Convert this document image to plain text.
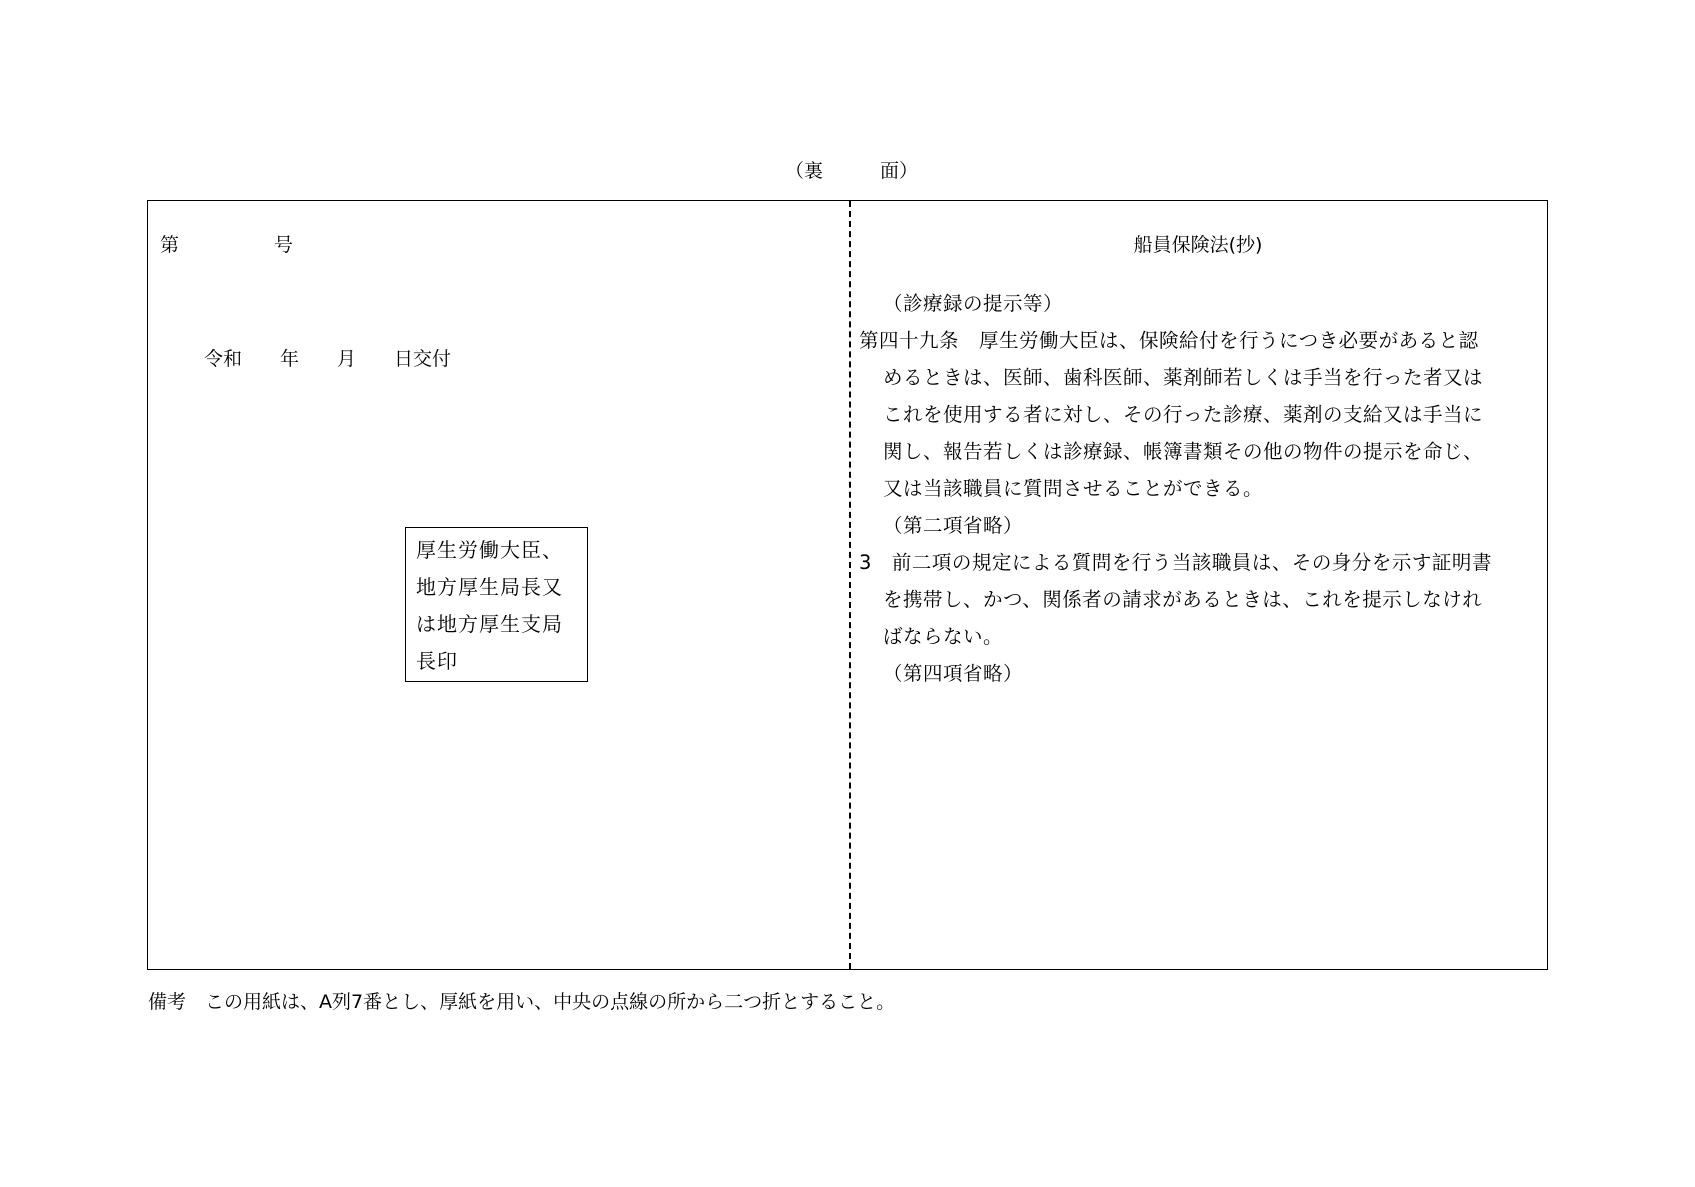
（裏　　　面）
第　　　　　号
令和　　年　　月　　日交付
厚生労働大臣、
地方厚生局長又
は地方厚生支局
長印
船員保険法(抄)
（診療録の提示等）
第四十九条　厚生労働大臣は、保険給付を行うにつき必要があると認
めるときは、医師、歯科医師、薬剤師若しくは手当を行った者又は
これを使用する者に対し、その行った診療、薬剤の支給又は手当に
関し、報告若しくは診療録、帳簿書類その他の物件の提示を命じ、
又は当該職員に質問させることができる。
（第二項省略）
3　前二項の規定による質問を行う当該職員は、その身分を示す証明書
を携帯し、かつ、関係者の請求があるときは、これを提示しなけれ
ばならない。
（第四項省略）
備考　この用紙は、A列7番とし、厚紙を用い、中央の点線の所から二つ折とすること。
